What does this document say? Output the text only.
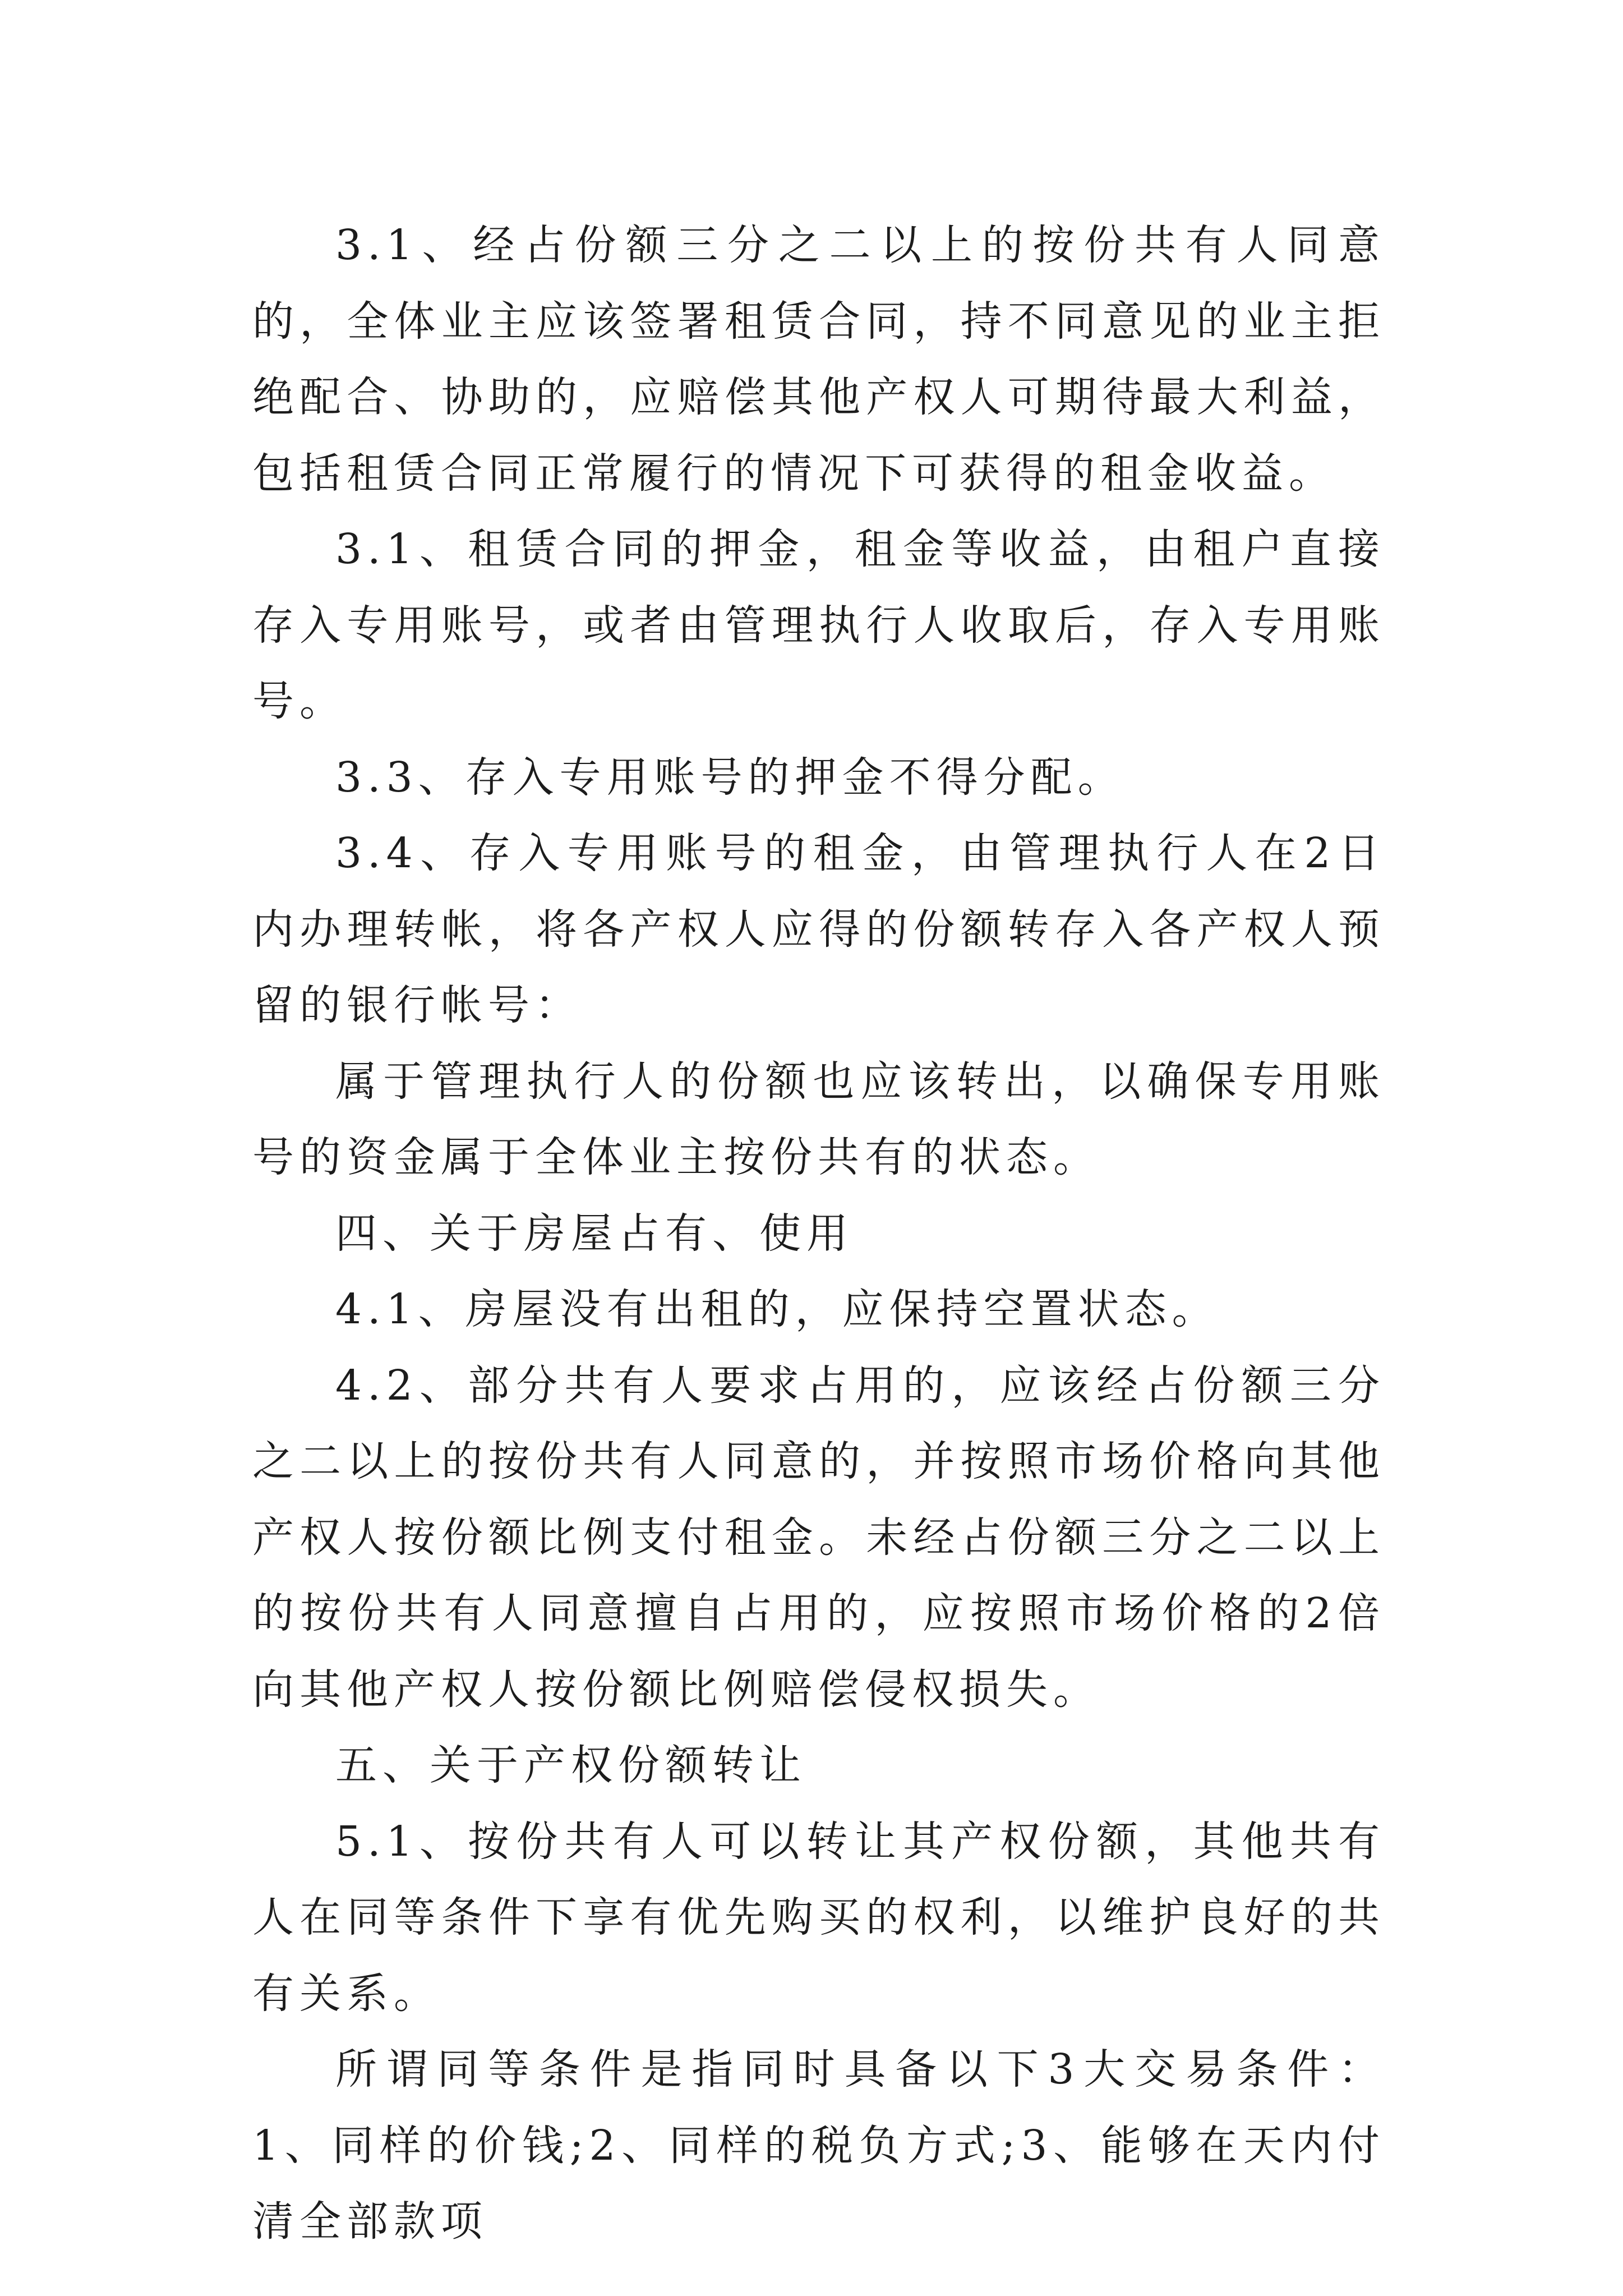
3.1、经占份额三分之二以上的按份共有人同意的，全体业主应该签署租赁合同，持不同意见的业主拒绝配合、协助的，应赔偿其他产权人可期待最大利益，包括租赁合同正常履行的情况下可获得的租金收益。

3.1、租赁合同的押金，租金等收益，由租户直接存入专用账号，或者由管理执行人收取后，存入专用账号。

3.3、存入专用账号的押金不得分配。

3.4、存入专用账号的租金，由管理执行人在2日内办理转帐，将各产权人应得的份额转存入各产权人预留的银行帐号：

属于管理执行人的份额也应该转出，以确保专用账号的资金属于全体业主按份共有的状态。

四、关于房屋占有、使用

4.1、房屋没有出租的，应保持空置状态。

4.2、部分共有人要求占用的，应该经占份额三分之二以上的按份共有人同意的，并按照市场价格向其他产权人按份额比例支付租金。未经占份额三分之二以上的按份共有人同意擅自占用的，应按照市场价格的2倍向其他产权人按份额比例赔偿侵权损失。

五、关于产权份额转让

5.1、按份共有人可以转让其产权份额，其他共有人在同等条件下享有优先购买的权利，以维护良好的共有关系。

所谓同等条件是指同时具备以下3大交易条件：1、同样的价钱;2、同样的税负方式;3、能够在天内付清全部款项
